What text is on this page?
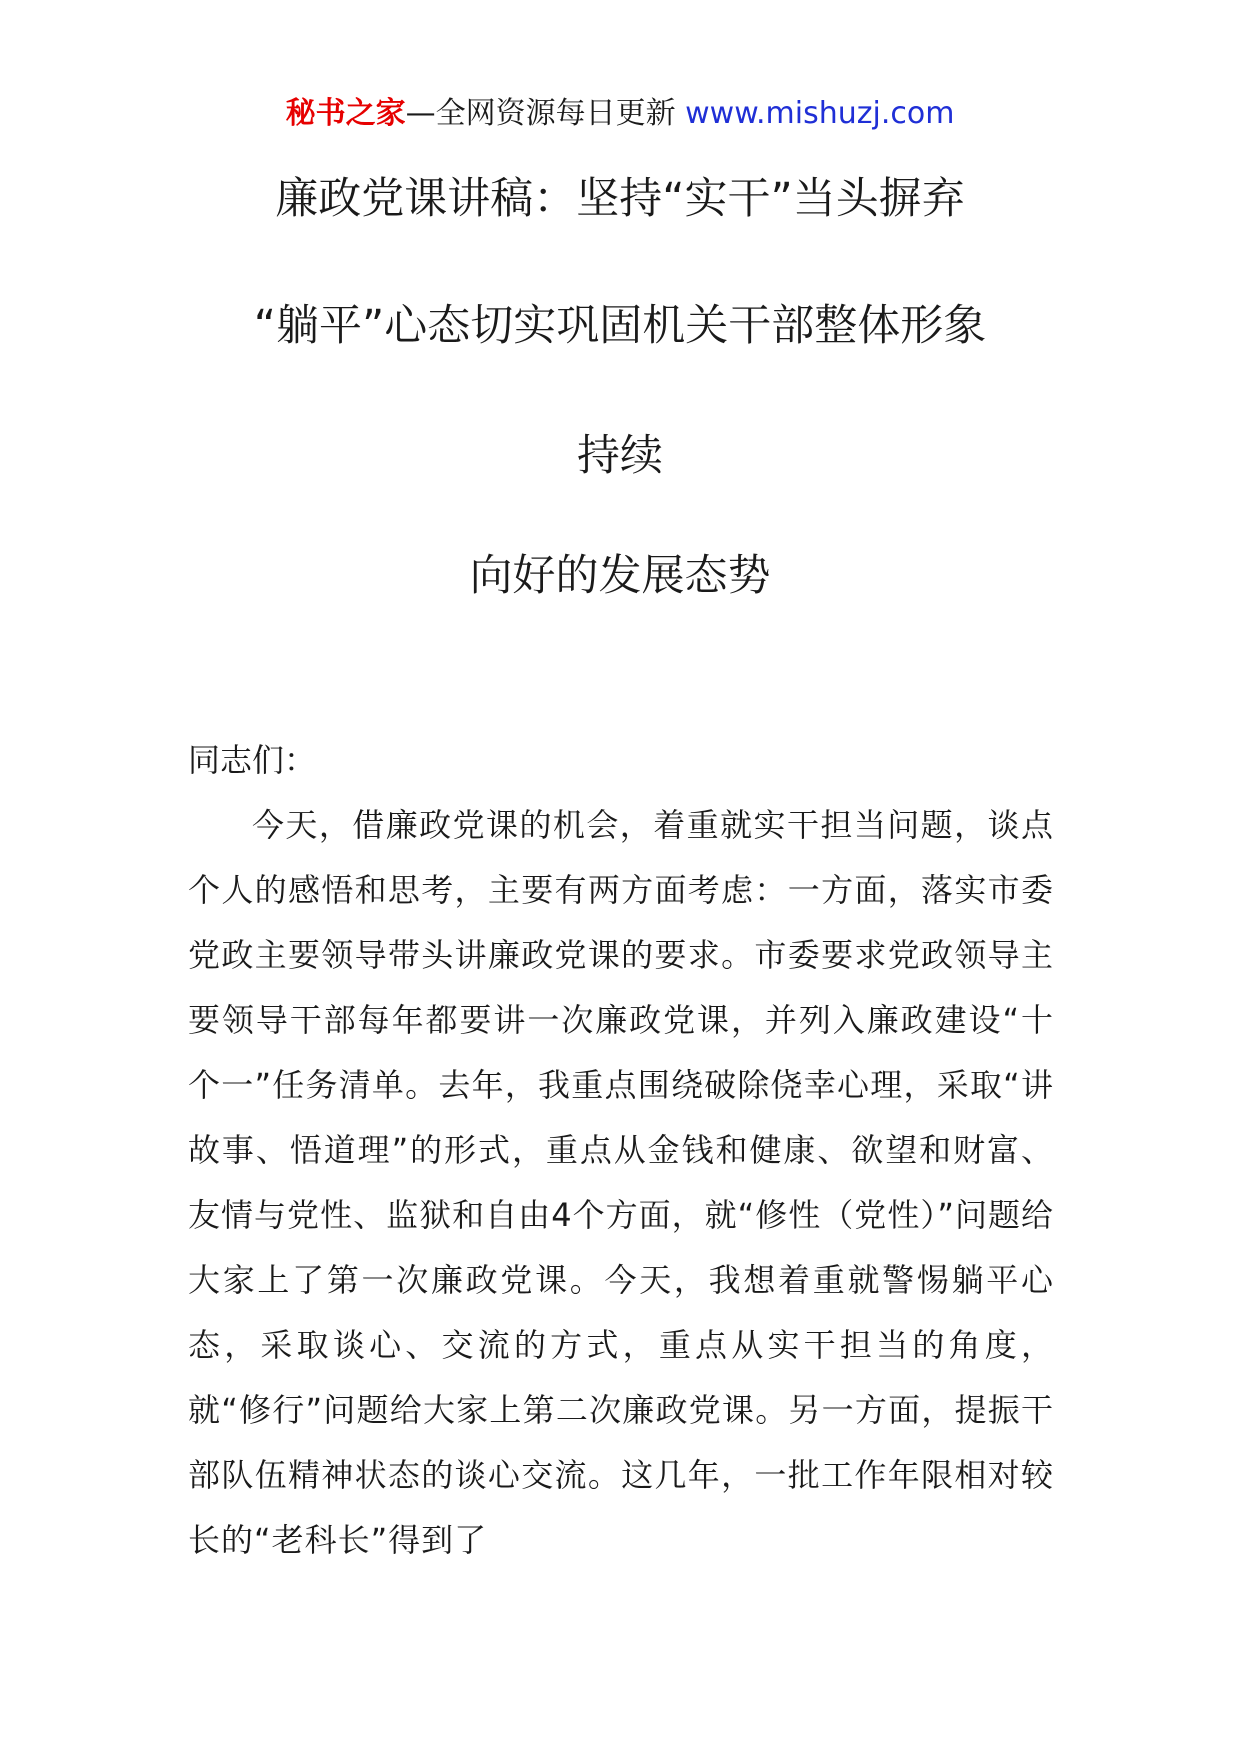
秘书之家—全网资源每日更新 www.mishuzj.com
廉政党课讲稿：坚持“实干”当头摒弃
“躺平”心态切实巩固机关干部整体形象
持续
向好的发展态势

同志们：

今天，借廉政党课的机会，着重就实干担当问题，谈点个人的感悟和思考，主要有两方面考虑：一方面，落实市委党政主要领导带头讲廉政党课的要求。市委要求党政领导主要领导干部每年都要讲一次廉政党课，并列入廉政建设“十个一”任务清单。去年，我重点围绕破除侥幸心理，采取“讲故事、悟道理”的形式，重点从金钱和健康、欲望和财富、友情与党性、监狱和自由4个方面，就“修性（党性）”问题给大家上了第一次廉政党课。今天，我想着重就警惕躺平心态，采取谈心、交流的方式，重点从实干担当的角度，就“修行”问题给大家上第二次廉政党课。另一方面，提振干部队伍精神状态的谈心交流。这几年，一批工作年限相对较长的“老科长”得到了
